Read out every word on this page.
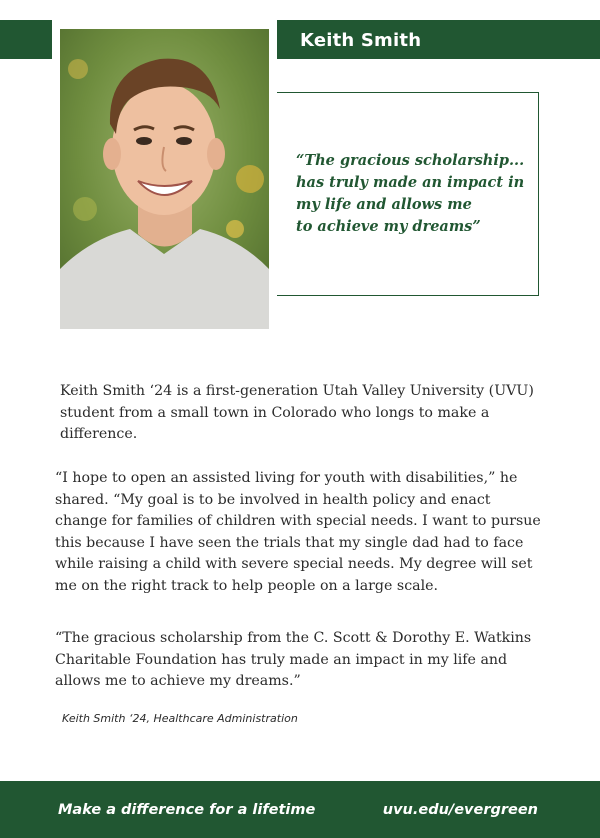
Keith Smith
“The gracious scholarship...
has truly made an impact in
my life and allows me
to achieve my dreams”
Keith Smith ‘24 is a first-generation Utah Valley University (UVU) student from a small town in Colorado who longs to make a difference.
“I hope to open an assisted living for youth with disabilities,” he shared. “My goal is to be involved in health policy and enact change for families of children with special needs. I want to pursue this because I have seen the trials that my single dad had to face while raising a child with severe special needs. My degree will set me on the right track to help people on a large scale.
“The gracious scholarship from the C. Scott & Dorothy E. Watkins Charitable Foundation has truly made an impact in my life and allows me to achieve my dreams.”
Keith Smith ‘24, Healthcare Administration
Make a difference for a lifetime	uvu.edu/evergreen
